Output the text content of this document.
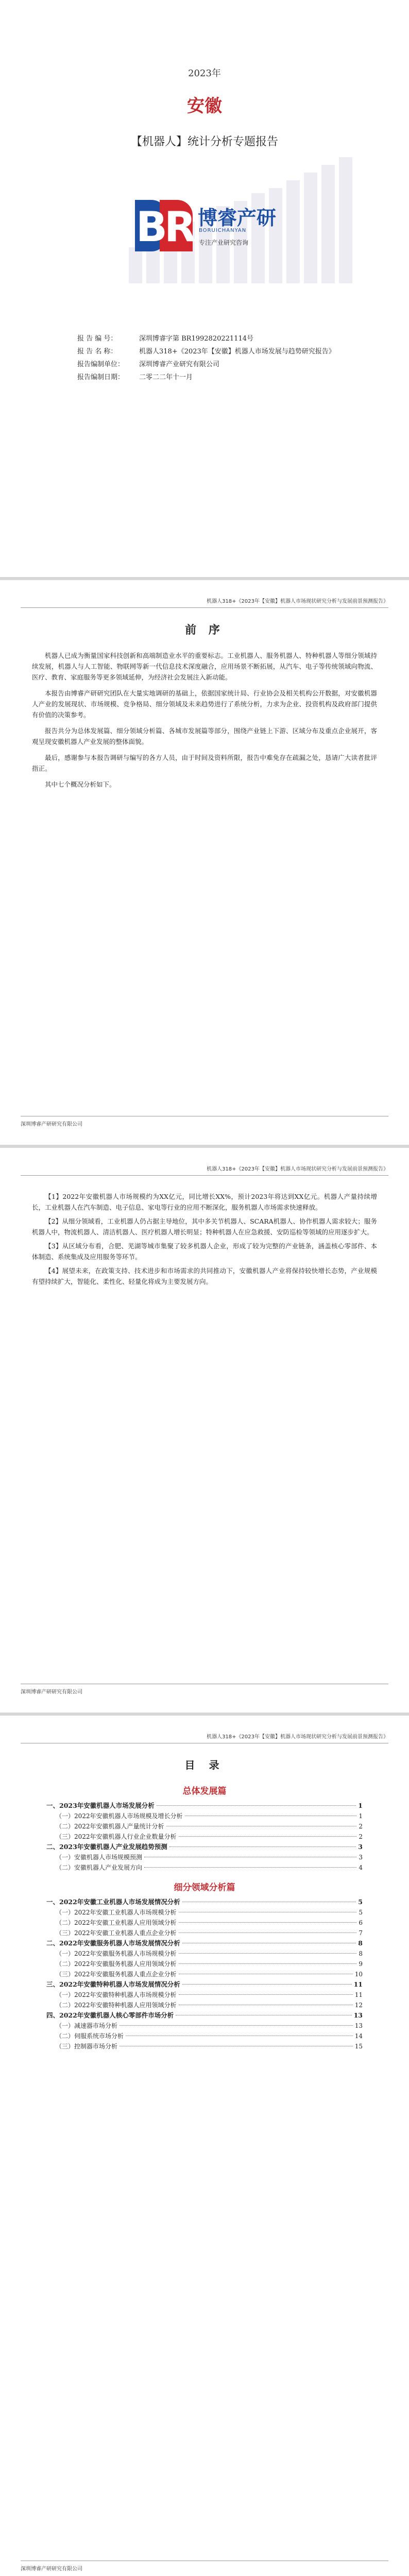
2023年
安徽
【机器人】统计分析专题报告
BR 博睿产研
BORUICHANYAN
专注产业研究咨询
报 告 编 号：	深圳博睿字第 BR1992820221114号
报 告 名 称：	机器人318+《2023年【安徽】机器人市场发展与趋势研究报告》
报告编制单位：	深圳博睿产业研究有限公司
报告编制日期：	二零二二年十一月
机器人318+《2023年【安徽】机器人市场现状研究分析与发展前景预测报告》
前 序

机器人已成为衡量国家科技创新和高端制造业水平的重要标志。工业机器人、服务机器人、特种机器人等细分领域持续发展，机器人与人工智能、物联网等新一代信息技术深度融合，应用场景不断拓展，从汽车、电子等传统领域向物流、医疗、教育、家庭服务等更多领域延伸，为经济社会发展注入新动能。

本报告由博睿产研研究团队在大量实地调研的基础上，依据国家统计局、行业协会及相关机构公开数据，对安徽机器人产业的发展现状、市场规模、竞争格局、细分领域及未来趋势进行了系统分析，力求为企业、投资机构及政府部门提供有价值的决策参考。

报告共分为总体发展篇、细分领域分析篇、各城市发展篇等部分，围绕产业链上下游、区域分布及重点企业展开，客观呈现安徽机器人产业发展的整体面貌。

最后，感谢参与本报告调研与编写的各方人员，由于时间及资料所限，报告中难免存在疏漏之处，恳请广大读者批评指正。

其中七个概况分析如下。

深圳博睿产研研究有限公司
机器人318+《2023年【安徽】机器人市场现状研究分析与发展前景预测报告》

【1】2022年安徽机器人市场规模约为XX亿元，同比增长XX%，预计2023年将达到XX亿元。机器人产量持续增长，工业机器人在汽车制造、电子信息、家电等行业的应用不断深化，服务机器人市场需求快速释放。

【2】从细分领域看，工业机器人仍占据主导地位，其中多关节机器人、SCARA机器人、协作机器人需求较大；服务机器人中，物流机器人、清洁机器人、医疗机器人增长明显；特种机器人在应急救援、安防巡检等领域的应用逐步扩大。

【3】从区域分布看，合肥、芜湖等城市集聚了较多机器人企业，形成了较为完整的产业链条，涵盖核心零部件、本体制造、系统集成及应用服务等环节。

【4】展望未来，在政策支持、技术进步和市场需求的共同推动下，安徽机器人产业将保持较快增长态势，产业规模有望持续扩大，智能化、柔性化、轻量化将成为主要发展方向。

深圳博睿产研研究有限公司
机器人318+《2023年【安徽】机器人市场现状研究分析与发展前景预测报告》
目 录
总体发展篇
一、2023年安徽机器人市场发展分析	1
（一）2022年安徽机器人市场规模及增长分析	1
（二）2022年安徽机器人产量统计分析	2
（三）2022年安徽机器人行业企业数量分析	2
二、2023年安徽机器人产业发展趋势预测	3
（一）安徽机器人市场规模预测	3
（二）安徽机器人产业发展方向	4
细分领域分析篇
一、2022年安徽工业机器人市场发展情况分析	5
（一）2022年安徽工业机器人市场规模分析	5
（二）2022年安徽工业机器人应用领域分析	6
（三）2022年安徽工业机器人重点企业分析	7
二、2022年安徽服务机器人市场发展情况分析	8
（一）2022年安徽服务机器人市场规模分析	8
（二）2022年安徽服务机器人应用领域分析	9
（三）2022年安徽服务机器人重点企业分析	10
三、2022年安徽特种机器人市场发展情况分析	11
（一）2022年安徽特种机器人市场规模分析	11
（二）2022年安徽特种机器人应用领域分析	12
四、2022年安徽机器人核心零部件市场分析	13
（一）减速器市场分析	13
（二）伺服系统市场分析	14
（三）控制器市场分析	15
深圳博睿产研研究有限公司
